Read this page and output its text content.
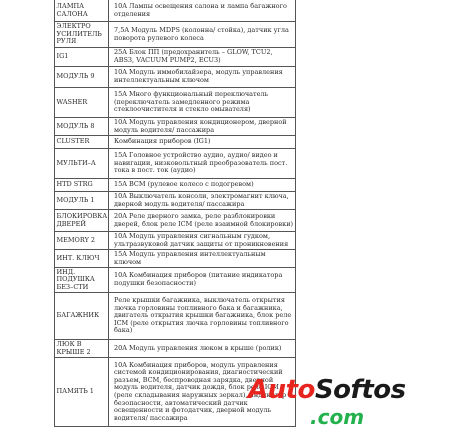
ЛАМПА САЛОНА	10A Лампы освещения салона и лампа багажного отделения
ЭЛЕКТРО УСИЛИТЕЛЬ РУЛЯ	7,5A Модуль MDPS (колонна/ стойка), датчик угла поворота рулевого колеса
IG1	25A Блок ПП (предохранитель – GLOW, TCU2, ABS3, VACUUM PUMP2, ECU3)
МОДУЛЬ 9	10A Модуль иммобилайзера, модуль управления интеллектуальным ключом
WASHER	15A Много функциональный переключатель (переключатель замедленного режима стеклоочистителя и стекло омывателя)
МОДУЛЬ 8	10A Модуль управления кондиционером, дверной модуль водителя/ пассажира
CLUSTER	Комбинация приборов (IG1)
МУЛЬТИ–А	15A Головное устройство аудио, аудио/ видео и навигации, низковольтный преобразователь пост. тока в пост. ток (аудио)
HTD STRG	15A BCM (рулевое колесо с подогревом)
МОДУЛЬ 1	10A Выключатель консоли, электромагнит ключа, дверной модуль водителя/ пассажира
БЛОКИРОВКА ДВЕРЕЙ	20A Реле дверного замка, реле разблокировки дверей, блок реле ICM (реле взаимной блокировки)
MEMORY 2	10A Модуль управления сигнальным гудком, ультразвуковой датчик защиты от проникновения
ИНТ. КЛЮЧ	15A Модуль управления интеллектуальным ключом
ИНД. ПОДУШКА БЕЗ–СТИ	10A Комбинация приборов (питание индикатора подушки безопасности)
БАГАЖНИК	Реле крышки багажника, выключатель открытия лючка горловины топливного бака и багажника, двигатель открытия крышки багажника, блок реле ICM (реле открытия лючка горловины топливного бака)
ЛЮК В КРЫШЕ 2	20A Модуль управления люком в крыше (ролик)
ПАМЯТЬ 1	10A Комбинация приборов, модуль управления системой кондиционирования, диагностический разъем, BCM, беспроводная зарядка, дверной модуль водителя, датчик дождя, блок реле ICM (реле складывания наружных зеркал), индикатор безопасности, автоматический датчик освещенности и фотодатчик, дверной модуль водителя/ пассажира
AutoSoftos
.com
